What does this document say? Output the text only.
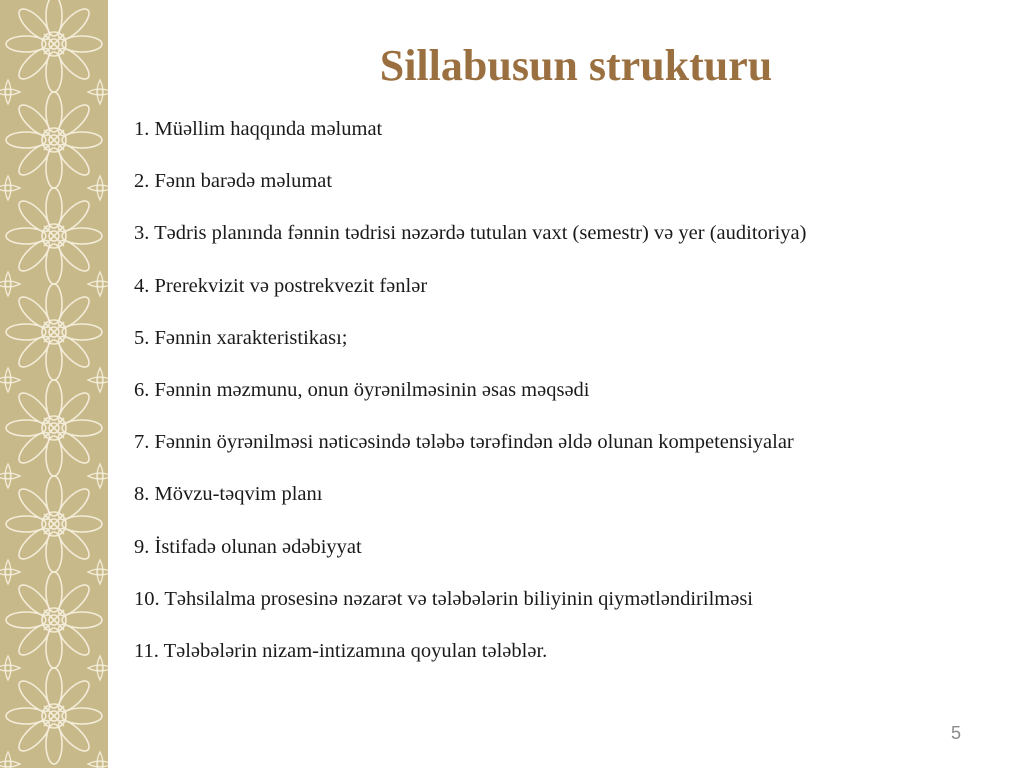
Sillabusun strukturu
1. Müəllim haqqında məlumat
2. Fənn barədə məlumat
3. Tədris planında fənnin tədrisi nəzərdə tutulan vaxt (semestr) və yer (auditoriya)
4. Prerekvizit və postrekvezit fənlər
5. Fənnin xarakteristikası;
6. Fənnin məzmunu, onun öyrənilməsinin əsas məqsədi
7. Fənnin öyrənilməsi nəticəsində tələbə tərəfindən əldə olunan kompetensiyalar
8. Mövzu-təqvim planı
9. İstifadə olunan ədəbiyyat
10. Təhsilalma prosesinə nəzarət və tələbələrin biliyinin qiymətləndirilməsi
11. Tələbələrin nizam-intizamına qoyulan tələblər.
5
